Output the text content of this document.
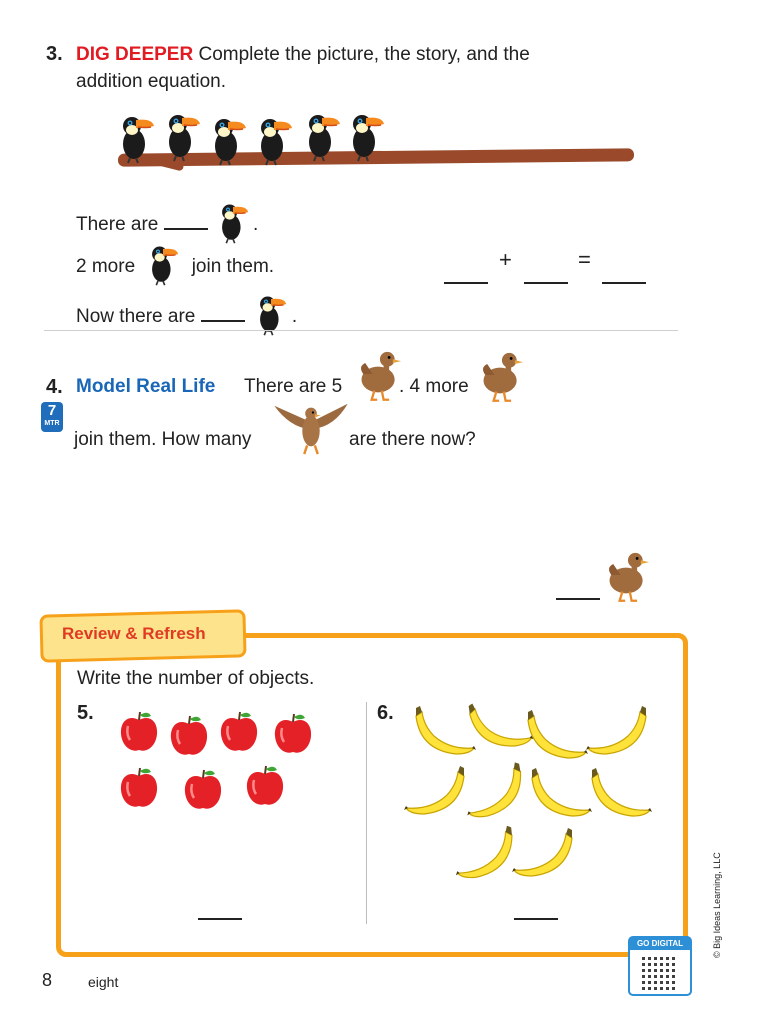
3. DIG DEEPER Complete the picture, the story, and the
addition equation.
There are	.
2 more	join them.
Now there are	.
+	=
4. Model Real Life There are 5	. 4 more
7
MTR
join them. How many	are there now?
Review & Refresh
Write the number of objects.
5.	6.
© Big Ideas Learning, LLC
GO DIGITAL
8	eight
